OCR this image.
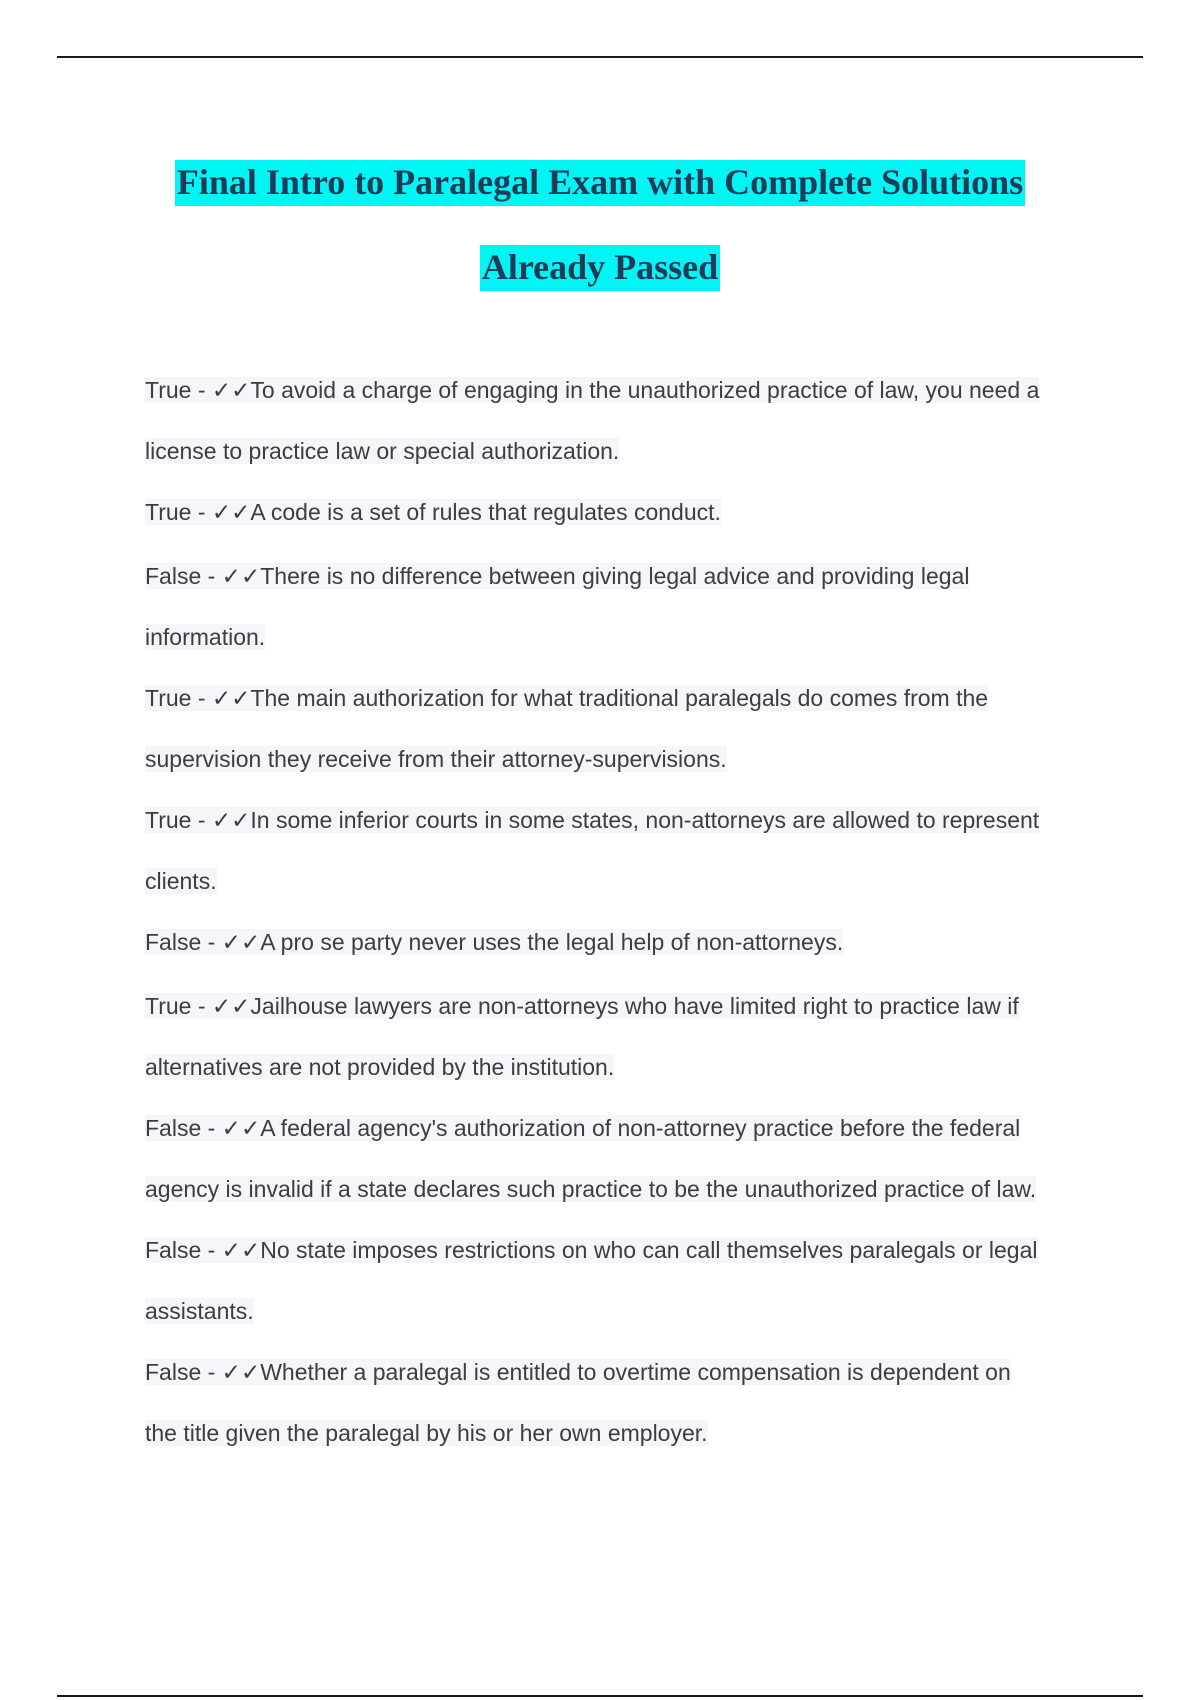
Final Intro to Paralegal Exam with Complete Solutions
Already Passed

True - ✓✓To avoid a charge of engaging in the unauthorized practice of law, you need a

license to practice law or special authorization.

True - ✓✓A code is a set of rules that regulates conduct.

False - ✓✓There is no difference between giving legal advice and providing legal

information.

True - ✓✓The main authorization for what traditional paralegals do comes from the

supervision they receive from their attorney-supervisions.

True - ✓✓In some inferior courts in some states, non-attorneys are allowed to represent

clients.

False - ✓✓A pro se party never uses the legal help of non-attorneys.

True - ✓✓Jailhouse lawyers are non-attorneys who have limited right to practice law if

alternatives are not provided by the institution.

False - ✓✓A federal agency's authorization of non-attorney practice before the federal

agency is invalid if a state declares such practice to be the unauthorized practice of law.

False - ✓✓No state imposes restrictions on who can call themselves paralegals or legal

assistants.

False - ✓✓Whether a paralegal is entitled to overtime compensation is dependent on

the title given the paralegal by his or her own employer.
